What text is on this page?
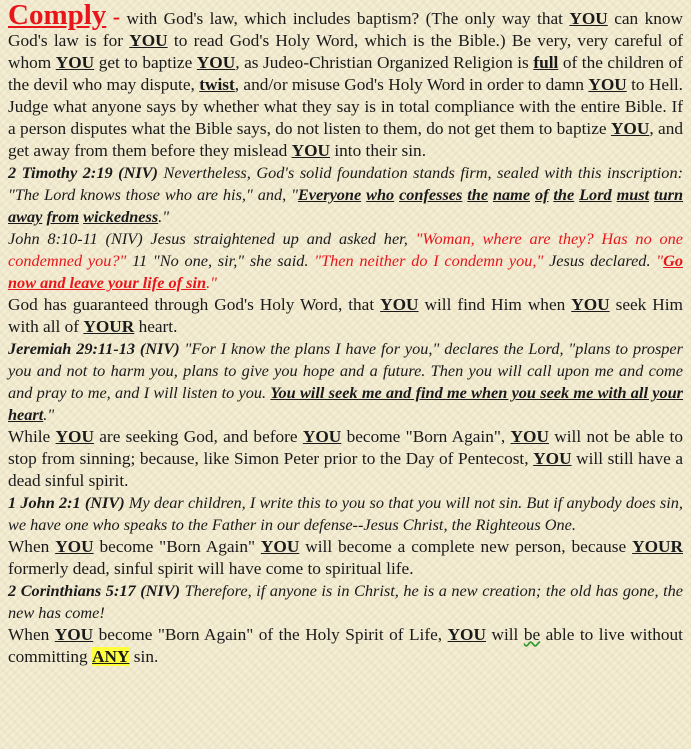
Comply - with God's law, which includes baptism? (The only way that YOU can know God's law is for YOU to read God's Holy Word, which is the Bible.) Be very, very careful of whom YOU get to baptize YOU, as Judeo-Christian Organized Religion is full of the children of the devil who may dispute, twist, and/or misuse God's Holy Word in order to damn YOU to Hell. Judge what anyone says by whether what they say is in total compliance with the entire Bible. If a person disputes what the Bible says, do not listen to them, do not get them to baptize YOU, and get away from them before they mislead YOU into their sin.

2 Timothy 2:19 (NIV) Nevertheless, God's solid foundation stands firm, sealed with this inscription: "The Lord knows those who are his," and, "Everyone who confesses the name of the Lord must turn away from wickedness."

John 8:10-11 (NIV) Jesus straightened up and asked her, "Woman, where are they? Has no one condemned you?" 11 "No one, sir," she said. "Then neither do I condemn you," Jesus declared. "Go now and leave your life of sin."

God has guaranteed through God's Holy Word, that YOU will find Him when YOU seek Him with all of YOUR heart.

Jeremiah 29:11-13 (NIV) "For I know the plans I have for you," declares the Lord, "plans to prosper you and not to harm you, plans to give you hope and a future. Then you will call upon me and come and pray to me, and I will listen to you. You will seek me and find me when you seek me with all your heart."

While YOU are seeking God, and before YOU become "Born Again", YOU will not be able to stop from sinning; because, like Simon Peter prior to the Day of Pentecost, YOU will still have a dead sinful spirit.

1 John 2:1 (NIV) My dear children, I write this to you so that you will not sin. But if anybody does sin, we have one who speaks to the Father in our defense--Jesus Christ, the Righteous One.

When YOU become "Born Again" YOU will become a complete new person, because YOUR formerly dead, sinful spirit will have come to spiritual life.

2 Corinthians 5:17 (NIV) Therefore, if anyone is in Christ, he is a new creation; the old has gone, the new has come!

When YOU become "Born Again" of the Holy Spirit of Life, YOU will be able to live without committing ANY sin.
